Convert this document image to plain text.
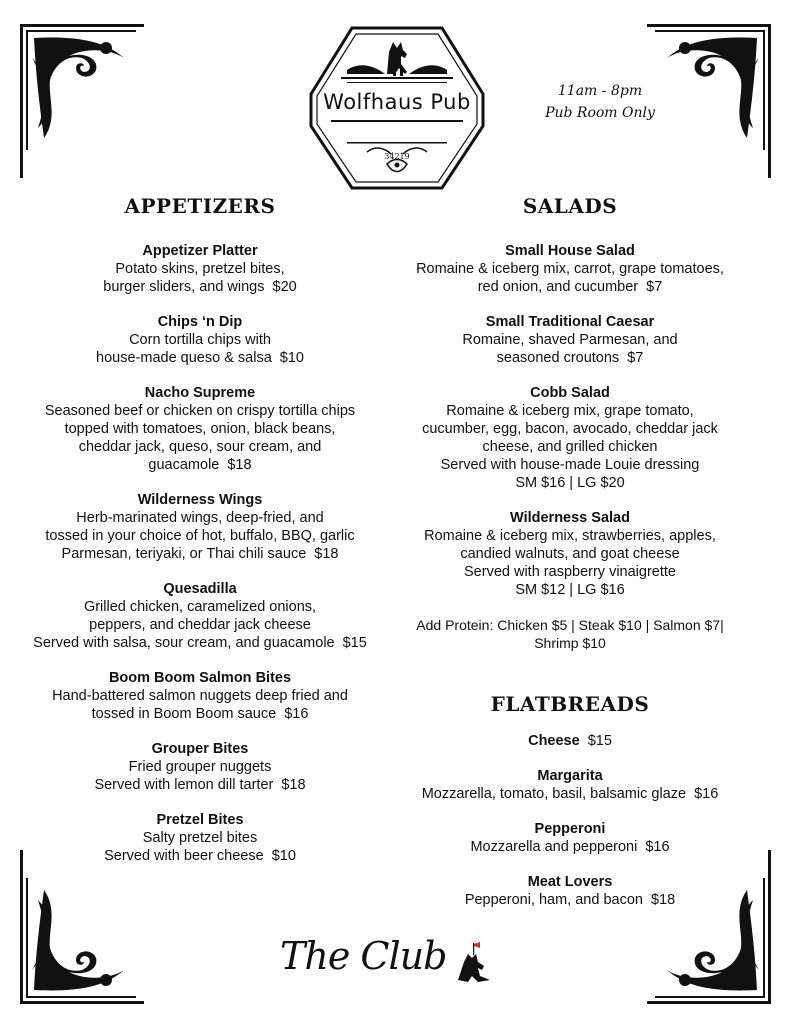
Wolfhaus Pub
34219
11am - 8pm
Pub Room Only
APPETIZERS
Appetizer Platter
Potato skins, pretzel bites,
burger sliders, and wings $20
Chips ‘n Dip
Corn tortilla chips with
house-made queso & salsa $10
Nacho Supreme
Seasoned beef or chicken on crispy tortilla chips
topped with tomatoes, onion, black beans,
cheddar jack, queso, sour cream, and
guacamole $18
Wilderness Wings
Herb-marinated wings, deep-fried, and
tossed in your choice of hot, buffalo, BBQ, garlic
Parmesan, teriyaki, or Thai chili sauce $18
Quesadilla
Grilled chicken, caramelized onions,
peppers, and cheddar jack cheese
Served with salsa, sour cream, and guacamole $15
Boom Boom Salmon Bites
Hand-battered salmon nuggets deep fried and
tossed in Boom Boom sauce $16
Grouper Bites
Fried grouper nuggets
Served with lemon dill tarter $18
Pretzel Bites
Salty pretzel bites
Served with beer cheese $10
SALADS
Small House Salad
Romaine & iceberg mix, carrot, grape tomatoes,
red onion, and cucumber $7
Small Traditional Caesar
Romaine, shaved Parmesan, and
seasoned croutons $7
Cobb Salad
Romaine & iceberg mix, grape tomato,
cucumber, egg, bacon, avocado, cheddar jack
cheese, and grilled chicken
Served with house-made Louie dressing
SM $16 | LG $20
Wilderness Salad
Romaine & iceberg mix, strawberries, apples,
candied walnuts, and goat cheese
Served with raspberry vinaigrette
SM $12 | LG $16
Add Protein: Chicken $5 | Steak $10 | Salmon $7|
Shrimp $10
FLATBREADS
Cheese $15
Margarita
Mozzarella, tomato, basil, balsamic glaze $16
Pepperoni
Mozzarella and pepperoni $16
Meat Lovers
Pepperoni, ham, and bacon $18
The Club
